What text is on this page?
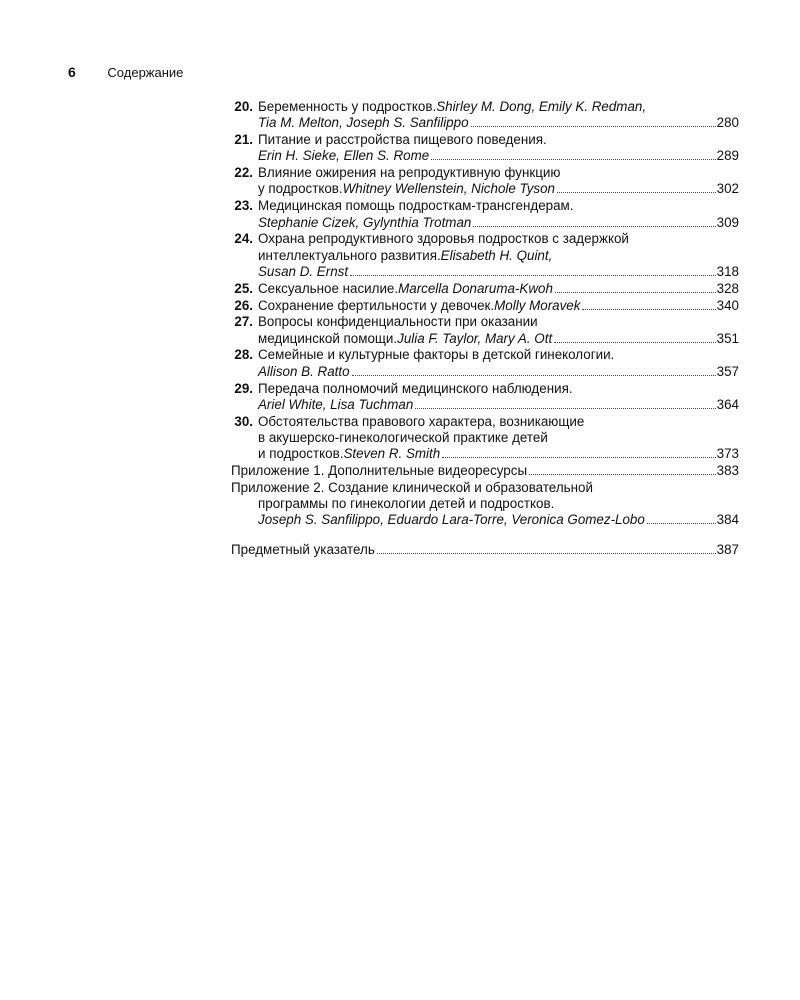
6 Содержание
20. Беременность у подростков. Shirley M. Dong, Emily K. Redman,
Tia M. Melton, Joseph S. Sanfilippo	280
21. Питание и расстройства пищевого поведения.
Erin H. Sieke, Ellen S. Rome	289
22. Влияние ожирения на репродуктивную функцию
у подростков. Whitney Wellenstein, Nichole Tyson	302
23. Медицинская помощь подросткам-трансгендерам.
Stephanie Cizek, Gylynthia Trotman	309
24. Охрана репродуктивного здоровья подростков с задержкой
интеллектуального развития. Elisabeth H. Quint,
Susan D. Ernst	318
25. Сексуальное насилие. Marcella Donaruma-Kwoh	328
26. Сохранение фертильности у девочек. Molly Moravek	340
27. Вопросы конфиденциальности при оказании
медицинской помощи. Julia F. Taylor, Mary A. Ott	351
28. Семейные и культурные факторы в детской гинекологии.
Allison B. Ratto	357
29. Передача полномочий медицинского наблюдения.
Ariel White, Lisa Tuchman	364
30. Обстоятельства правового характера, возникающие
в акушерско-гинекологической практике детей
и подростков. Steven R. Smith	373
Приложение 1. Дополнительные видеоресурсы	383
Приложение 2. Создание клинической и образовательной
программы по гинекологии детей и подростков.
Joseph S. Sanfilippo, Eduardo Lara-Torre, Veronica Gomez-Lobo	384
Предметный указатель	387
